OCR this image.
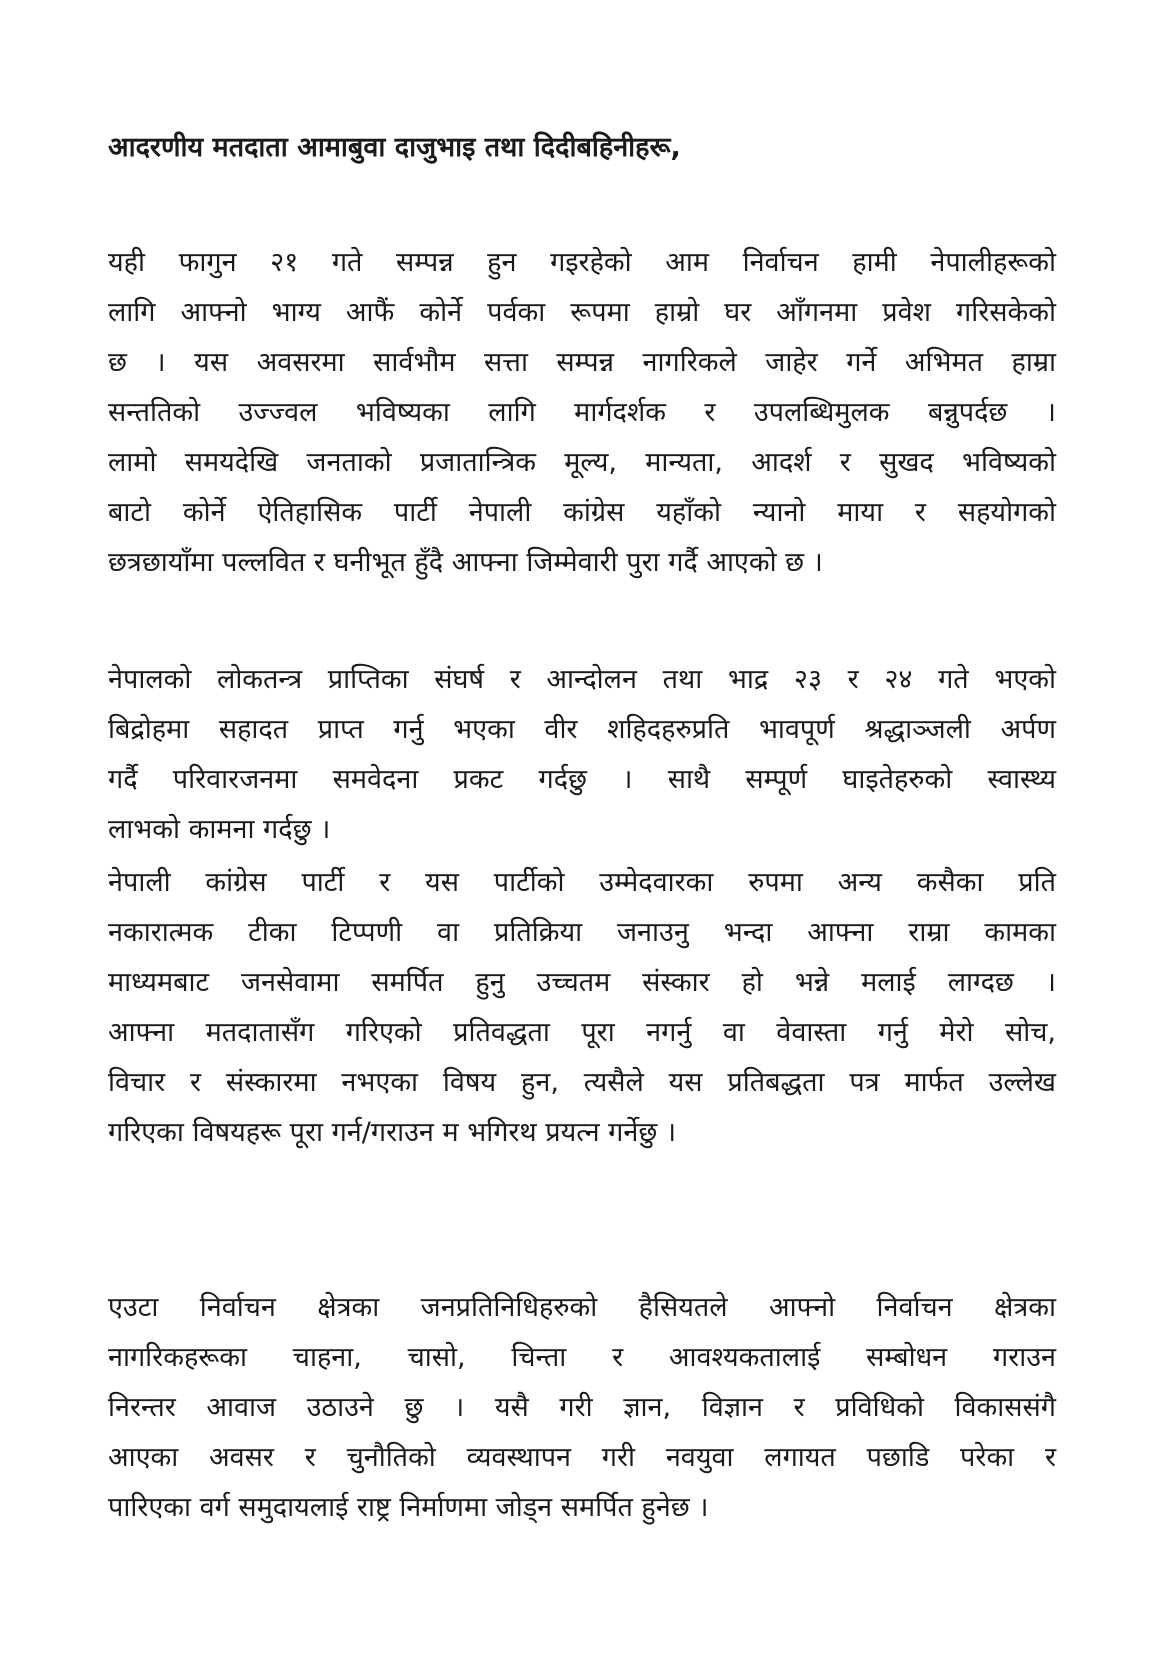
आदरणीय मतदाता आमाबुवा दाजुभाइ तथा दिदीबहिनीहरू,
यही फागुन २१ गते सम्पन्न हुन गइरहेको आम निर्वाचन हामी नेपालीहरूको
लागि आफ्नो भाग्य आफैं कोर्ने पर्वका रूपमा हाम्रो घर आँगनमा प्रवेश गरिसकेको
छ । यस अवसरमा सार्वभौम सत्ता सम्पन्न नागरिकले जाहेर गर्ने अभिमत हाम्रा
सन्ततिको उज्ज्वल भविष्यका लागि मार्गदर्शक र उपलब्धिमुलक बन्नुपर्दछ ।
लामो समयदेखि जनताको प्रजातान्त्रिक मूल्य, मान्यता, आदर्श र सुखद भविष्यको
बाटो कोर्ने ऐतिहासिक पार्टी नेपाली कांग्रेस यहाँको न्यानो माया र सहयोगको
छत्रछायाँमा पल्लवित र घनीभूत हुँदै आफ्ना जिम्मेवारी पुरा गर्दै आएको छ ।
नेपालको लोकतन्त्र प्राप्तिका संघर्ष र आन्दोलन तथा भाद्र २३ र २४ गते भएको
बिद्रोहमा सहादत प्राप्त गर्नु भएका वीर शहिदहरुप्रति भावपूर्ण श्रद्धाञ्जली अर्पण
गर्दै परिवारजनमा समवेदना प्रकट गर्दछु । साथै सम्पूर्ण घाइतेहरुको स्वास्थ्य
लाभको कामना गर्दछु ।
नेपाली कांग्रेस पार्टी र यस पार्टीको उम्मेदवारका रुपमा अन्य कसैका प्रति
नकारात्मक टीका टिप्पणी वा प्रतिक्रिया जनाउनु भन्दा आफ्ना राम्रा कामका
माध्यमबाट जनसेवामा समर्पित हुनु उच्चतम संस्कार हो भन्ने मलाई लाग्दछ ।
आफ्ना मतदातासँग गरिएको प्रतिवद्धता पूरा नगर्नु वा वेवास्ता गर्नु मेरो सोच,
विचार र संस्कारमा नभएका विषय हुन, त्यसैले यस प्रतिबद्धता पत्र मार्फत उल्लेख
गरिएका विषयहरू पूरा गर्न/गराउन म भगिरथ प्रयत्न गर्नेछु ।
एउटा निर्वाचन क्षेत्रका जनप्रतिनिधिहरुको हैसियतले आफ्नो निर्वाचन क्षेत्रका
नागरिकहरूका चाहना, चासो, चिन्ता र आवश्यकतालाई सम्बोधन गराउन
निरन्तर आवाज उठाउने छु । यसै गरी ज्ञान, विज्ञान र प्रविधिको विकाससंगै
आएका अवसर र चुनौतिको व्यवस्थापन गरी नवयुवा लगायत पछाडि परेका र
पारिएका वर्ग समुदायलाई राष्ट्र निर्माणमा जोड्न समर्पित हुनेछ ।
